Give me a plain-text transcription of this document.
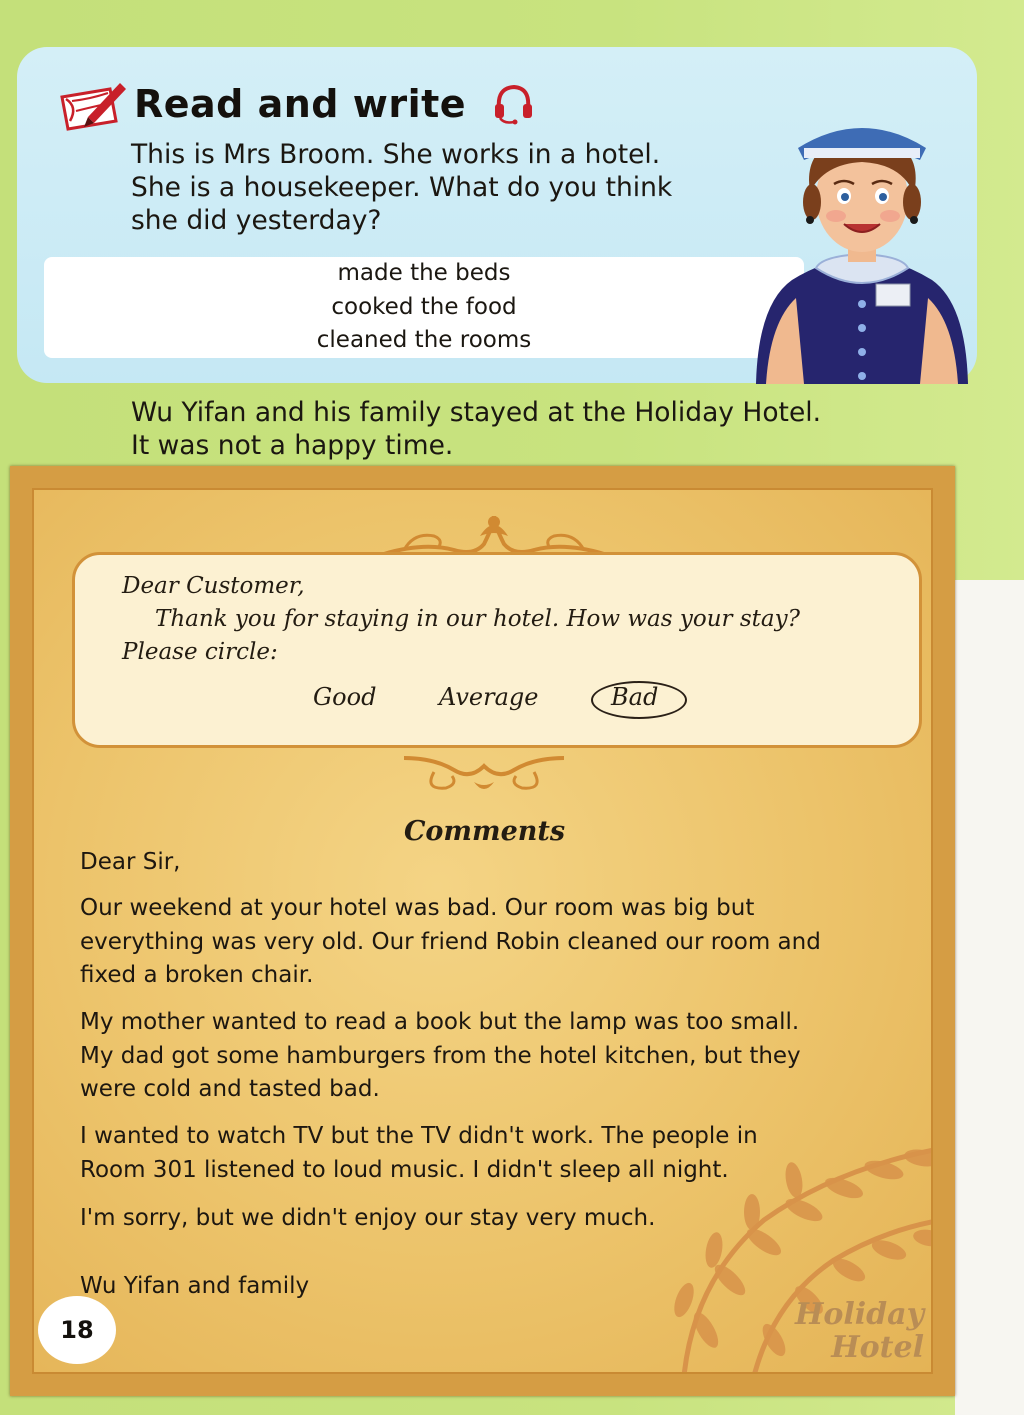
Read and write

This is Mrs Broom. She works in a hotel.
She is a housekeeper. What do you think
she did yesterday?

made the beds
cooked the food
cleaned the rooms

Wu Yifan and his family stayed at the Holiday Hotel.
It was not a happy time.

Dear Customer,
Thank you for staying in our hotel. How was your stay?
Please circle:
Good	Average	Bad
Comments

Dear Sir,

Our weekend at your hotel was bad. Our room was big but
everything was very old. Our friend Robin cleaned our room and
fixed a broken chair.

My mother wanted to read a book but the lamp was too small.
My dad got some hamburgers from the hotel kitchen, but they
were cold and tasted bad.

I wanted to watch TV but the TV didn't work. The people in
Room 301 listened to loud music. I didn't sleep all night.

I'm sorry, but we didn't enjoy our stay very much.

Wu Yifan and family

Holiday
Hotel
18
